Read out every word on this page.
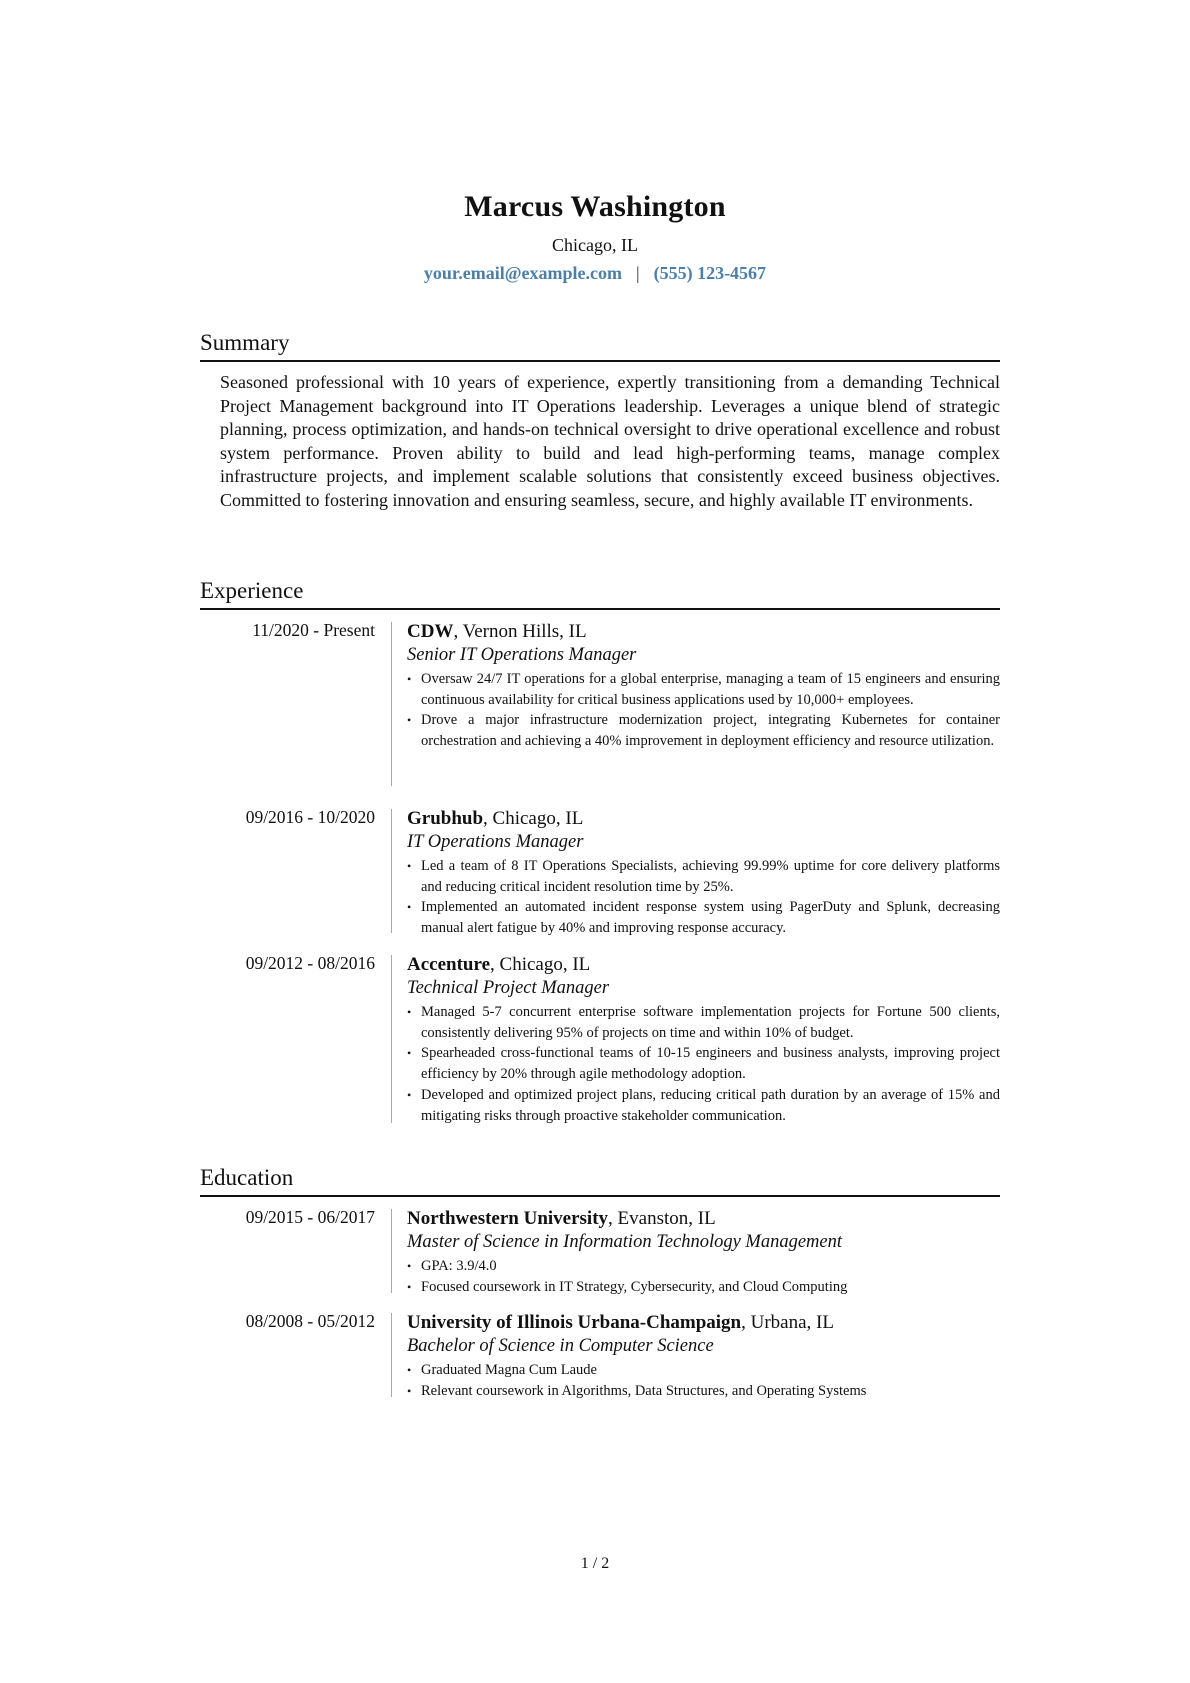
Marcus Washington
Chicago, IL
your.email@example.com | (555) 123-4567
Summary
Seasoned professional with 10 years of experience, expertly transitioning from a demanding Technical Project Management background into IT Operations leadership. Leverages a unique blend of strategic planning, process optimization, and hands-on technical oversight to drive operational excellence and robust system performance. Proven ability to build and lead high-performing teams, manage complex infrastructure projects, and implement scalable solutions that consistently exceed business objectives. Committed to fostering innovation and ensuring seamless, secure, and highly available IT environments.
Experience
11/2020 - Present CDW, Vernon Hills, IL
Senior IT Operations Manager
• Oversaw 24/7 IT operations for a global enterprise, managing a team of 15 engineers and ensuring continuous availability for critical business applications used by 10,000+ employees.
• Drove a major infrastructure modernization project, integrating Kubernetes for container orchestration and achieving a 40% improvement in deployment efficiency and resource utilization.
09/2016 - 10/2020 Grubhub, Chicago, IL
IT Operations Manager
• Led a team of 8 IT Operations Specialists, achieving 99.99% uptime for core delivery platforms and reducing critical incident resolution time by 25%.
• Implemented an automated incident response system using PagerDuty and Splunk, decreasing manual alert fatigue by 40% and improving response accuracy.
09/2012 - 08/2016 Accenture, Chicago, IL
Technical Project Manager
• Managed 5-7 concurrent enterprise software implementation projects for Fortune 500 clients, consistently delivering 95% of projects on time and within 10% of budget.
• Spearheaded cross-functional teams of 10-15 engineers and business analysts, improving project efficiency by 20% through agile methodology adoption.
• Developed and optimized project plans, reducing critical path duration by an average of 15% and mitigating risks through proactive stakeholder communication.
Education
09/2015 - 06/2017 Northwestern University, Evanston, IL
Master of Science in Information Technology Management
• GPA: 3.9/4.0
• Focused coursework in IT Strategy, Cybersecurity, and Cloud Computing
08/2008 - 05/2012 University of Illinois Urbana-Champaign, Urbana, IL
Bachelor of Science in Computer Science
• Graduated Magna Cum Laude
• Relevant coursework in Algorithms, Data Structures, and Operating Systems
1 / 2
